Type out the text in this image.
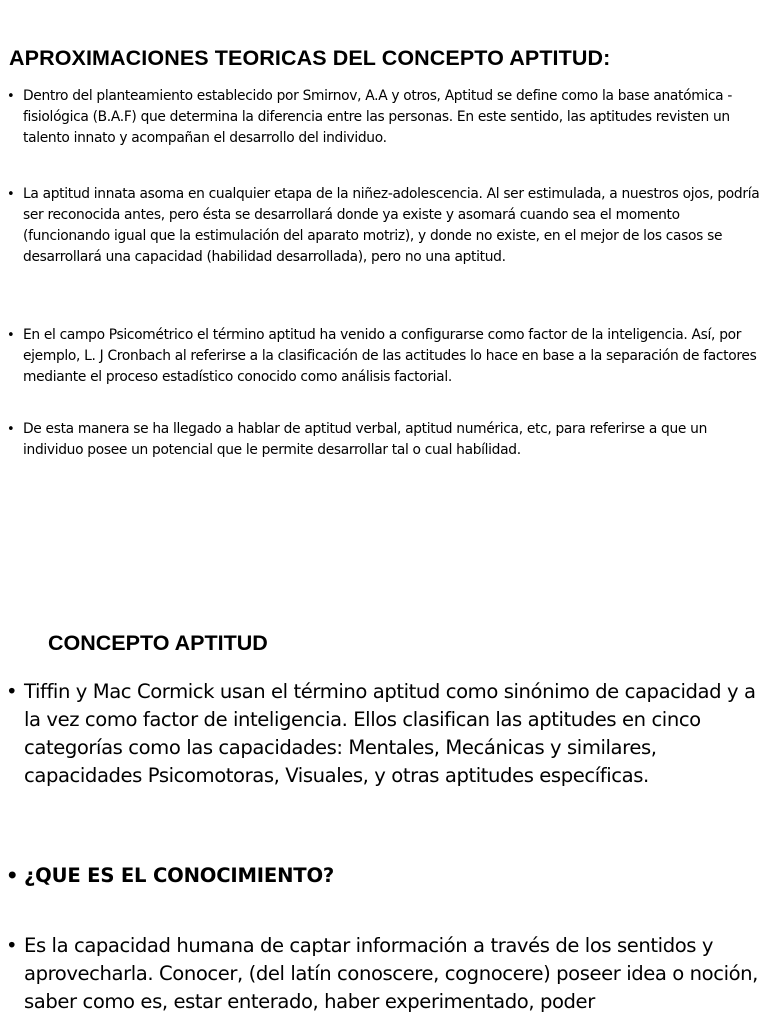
APROXIMACIONES TEORICAS DEL CONCEPTO APTITUD:
• Dentro del planteamiento establecido por Smirnov, A.A y otros, Aptitud se define como la base anatómica - fisiológica (B.A.F) que determina la diferencia entre las personas. En este sentido, las aptitudes revisten un talento innato y acompañan el desarrollo del individuo.
• La aptitud innata asoma en cualquier etapa de la niñez-adolescencia. Al ser estimulada, a nuestros ojos, podría ser reconocida antes, pero ésta se desarrollará donde ya existe y asomará cuando sea el momento (funcionando igual que la estimulación del aparato motriz), y donde no existe, en el mejor de los casos se desarrollará una capacidad (habilidad desarrollada), pero no una aptitud.
• En el campo Psicométrico el término aptitud ha venido a configurarse como factor de la inteligencia. Así, por ejemplo, L. J Cronbach al referirse a la clasificación de las actitudes lo hace en base a la separación de factores mediante el proceso estadístico conocido como análisis factorial.
• De esta manera se ha llegado a hablar de aptitud verbal, aptitud numérica, etc, para referirse a que un individuo posee un potencial que le permite desarrollar tal o cual habílidad.
CONCEPTO APTITUD
• Tiffin y Mac Cormick usan el término aptitud como sinónimo de capacidad y a la vez como factor de inteligencia. Ellos clasifican las aptitudes en cinco categorías como las capacidades: Mentales, Mecánicas y similares, capacidades Psicomotoras, Visuales, y otras aptitudes específicas.
• ¿QUE ES EL CONOCIMIENTO?
• Es la capacidad humana de captar información a través de los sentidos y aprovecharla. Conocer, (del latín conoscere, cognocere) poseer idea o noción, saber como es, estar enterado, haber experimentado, poder
